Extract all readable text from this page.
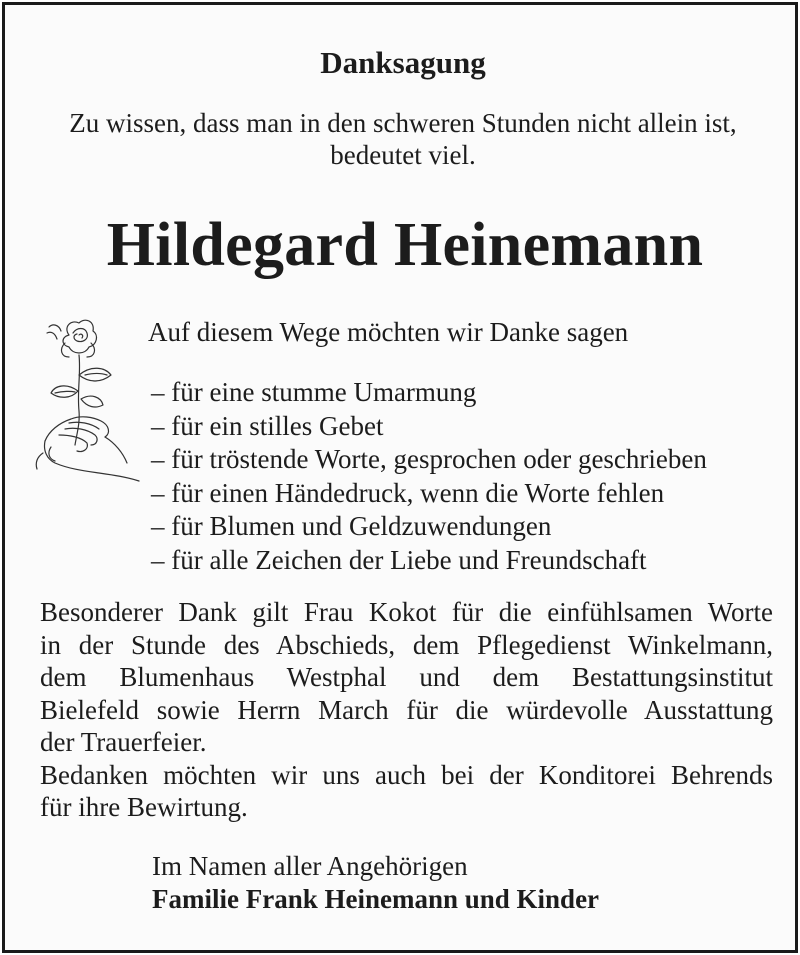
Danksagung
Zu wissen, dass man in den schweren Stunden nicht allein ist,
bedeutet viel.
Hildegard Heinemann
Auf diesem Wege möchten wir Danke sagen
– für eine stumme Umarmung
– für ein stilles Gebet
– für tröstende Worte, gesprochen oder geschrieben
– für einen Händedruck, wenn die Worte fehlen
– für Blumen und Geldzuwendungen
– für alle Zeichen der Liebe und Freundschaft
Besonderer Dank gilt Frau Kokot für die einfühlsamen Worte
in der Stunde des Abschieds, dem Pflegedienst Winkelmann,
dem Blumenhaus Westphal und dem Bestattungsinstitut
Bielefeld sowie Herrn March für die würdevolle Ausstattung
der Trauerfeier.
Bedanken möchten wir uns auch bei der Konditorei Behrends
für ihre Bewirtung.
Im Namen aller Angehörigen
Familie Frank Heinemann und Kinder
